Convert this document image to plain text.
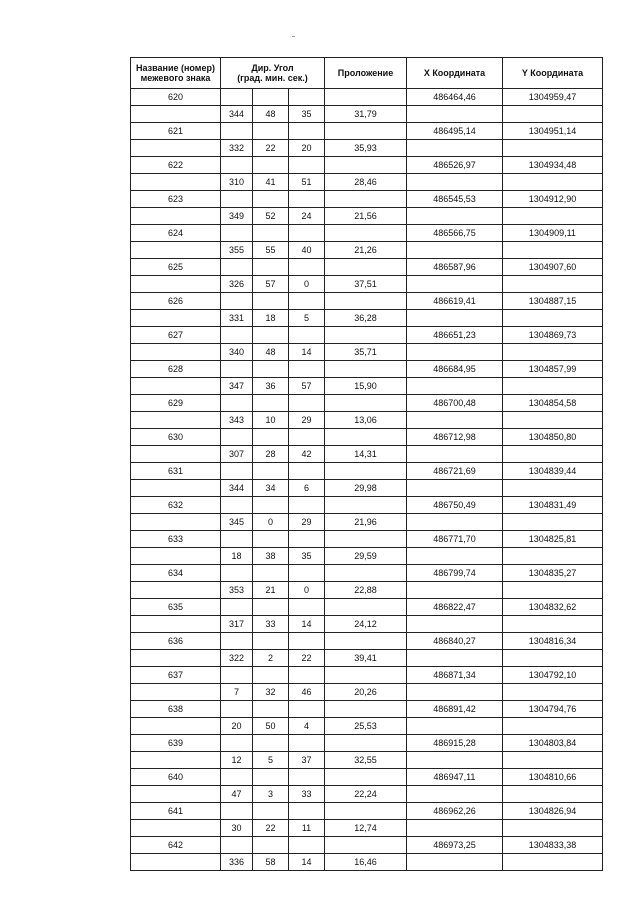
Название (номер)
межевого знака	Дир. Угол
(град. мин. сек.)			Проложение	X Координата	Y Координата
620					486464,46	1304959,47
	344	48	35	31,79		
621					486495,14	1304951,14
	332	22	20	35,93		
622					486526,97	1304934,48
	310	41	51	28,46		
623					486545,53	1304912,90
	349	52	24	21,56		
624					486566,75	1304909,11
	355	55	40	21,26		
625					486587,96	1304907,60
	326	57	0	37,51		
626					486619,41	1304887,15
	331	18	5	36,28		
627					486651,23	1304869,73
	340	48	14	35,71		
628					486684,95	1304857,99
	347	36	57	15,90		
629					486700,48	1304854,58
	343	10	29	13,06		
630					486712,98	1304850,80
	307	28	42	14,31		
631					486721,69	1304839,44
	344	34	6	29,98		
632					486750,49	1304831,49
	345	0	29	21,96		
633					486771,70	1304825,81
	18	38	35	29,59		
634					486799,74	1304835,27
	353	21	0	22,88		
635					486822,47	1304832,62
	317	33	14	24,12		
636					486840,27	1304816,34
	322	2	22	39,41		
637					486871,34	1304792,10
	7	32	46	20,26		
638					486891,42	1304794,76
	20	50	4	25,53		
639					486915,28	1304803,84
	12	5	37	32,55		
640					486947,11	1304810,66
	47	3	33	22,24		
641					486962,26	1304826,94
	30	22	11	12,74		
642					486973,25	1304833,38
	336	58	14	16,46		
